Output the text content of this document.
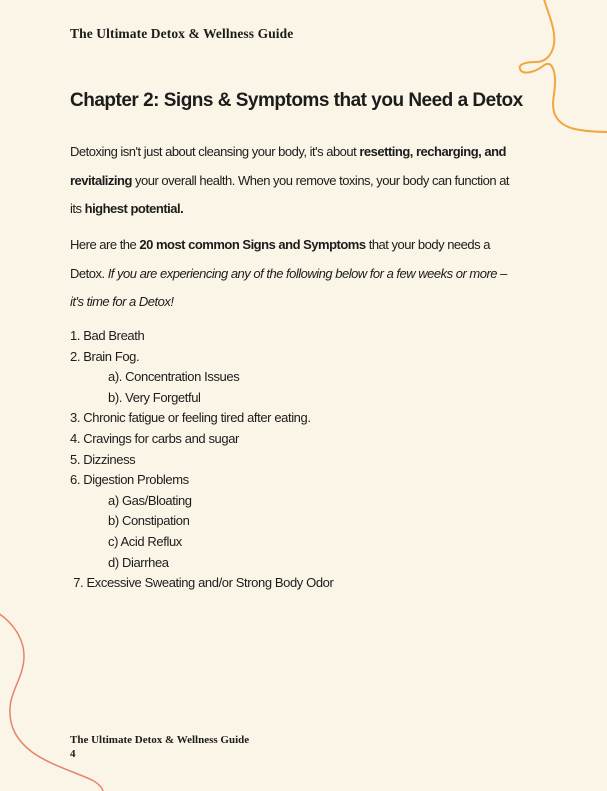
The Ultimate Detox & Wellness Guide
Chapter 2: Signs & Symptoms that you Need a Detox

Detoxing isn't just about cleansing your body, it's about resetting, recharging, and revitalizing your overall health. When you remove toxins, your body can function at its highest potential.

Here are the 20 most common Signs and Symptoms that your body needs a Detox. If you are experiencing any of the following below for a few weeks or more – it's time for a Detox!

1. Bad Breath
2. Brain Fog.
a). Concentration Issues
b). Very Forgetful
3. Chronic fatigue or feeling tired after eating.
4. Cravings for carbs and sugar
5. Dizziness
6. Digestion Problems
a) Gas/Bloating
b) Constipation
c) Acid Reflux
d) Diarrhea
7. Excessive Sweating and/or Strong Body Odor
The Ultimate Detox & Wellness Guide
4
